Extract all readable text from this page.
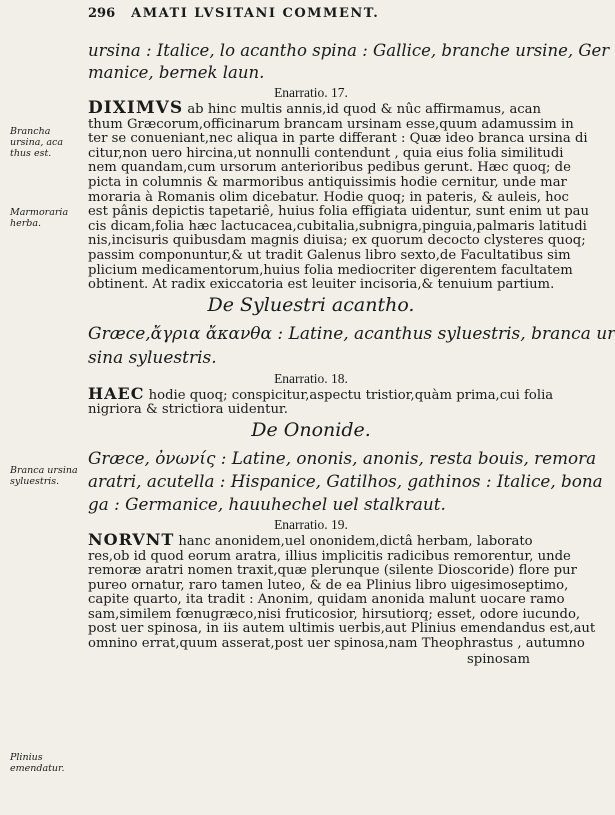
296 AMATI LVSITANI COMMENT.
Brancha ursina, aca thus est.
Marmoraria herba.
Branca ursina syluestris.
Plinius emendatur.
ursina : Italice, lo acantho spina : Gallice, branche ursine, Ger
manice, bernek laun.
Enarratio. 17.
DIXIMVS ab hinc multis annis,id quod & nûc affirmamus, acan
thum Græcorum,officinarum brancam ursinam esse,quum adamussim in
ter se conueniant,nec aliqua in parte differant : Quæ ideo branca ursina di
citur,non uero hircina,ut nonnulli contendunt , quia eius folia similitudi
nem quandam,cum ursorum anterioribus pedibus gerunt. Hæc quoq; de
picta in columnis & marmoribus antiquissimis hodie cernitur, unde mar
moraria à Romanis olim dicebatur. Hodie quoq; in pateris, & auleis, hoc
est pânis depictis tapetariê, huius folia effigiata uidentur, sunt enim ut pau
cis dicam,folia hæc lactucacea,cubitalia,subnigra,pinguia,palmaris latitudi
nis,incisuris quibusdam magnis diuisa; ex quorum decocto clysteres quoq;
passim componuntur,& ut tradit Galenus libro sexto,de Facultatibus sim
plicium medicamentorum,huius folia mediocriter digerentem facultatem
obtinent. At radix exiccatoria est leuiter incisoria,& tenuium partium.
De Syluestri acantho.
Græce,ἄγρια ἄκανθα : Latine, acanthus syluestris, branca ur
sina syluestris.
Enarratio. 18.
HAEC hodie quoq; conspicitur,aspectu tristior,quàm prima,cui folia
nigriora & strictiora uidentur.
De Ononide.
Græce, ὀνωνίς : Latine, ononis, anonis, resta bouis, remora
aratri, acutella : Hispanice, Gatilhos, gathinos : Italice, bona
ga : Germanice, hauuhechel uel stalkraut.
Enarratio. 19.
NORVNT hanc anonidem,uel ononidem,dictâ herbam, laborato
res,ob id quod eorum aratra, illius implicitis radicibus remorentur, unde
remoræ aratri nomen traxit,quæ plerunque (silente Dioscoride) flore pur
pureo ornatur, raro tamen luteo, & de ea Plinius libro uigesimoseptimo,
capite quarto, ita tradit : Anonim, quidam anonida malunt uocare ramo
sam,similem fœnugræco,nisi fruticosior, hirsutiorq; esset, odore iucundo,
post uer spinosa, in iis autem ultimis uerbis,aut Plinius emendandus est,aut
omnino errat,quum asserat,post uer spinosa,nam Theophrastus , autumno
spinosam
